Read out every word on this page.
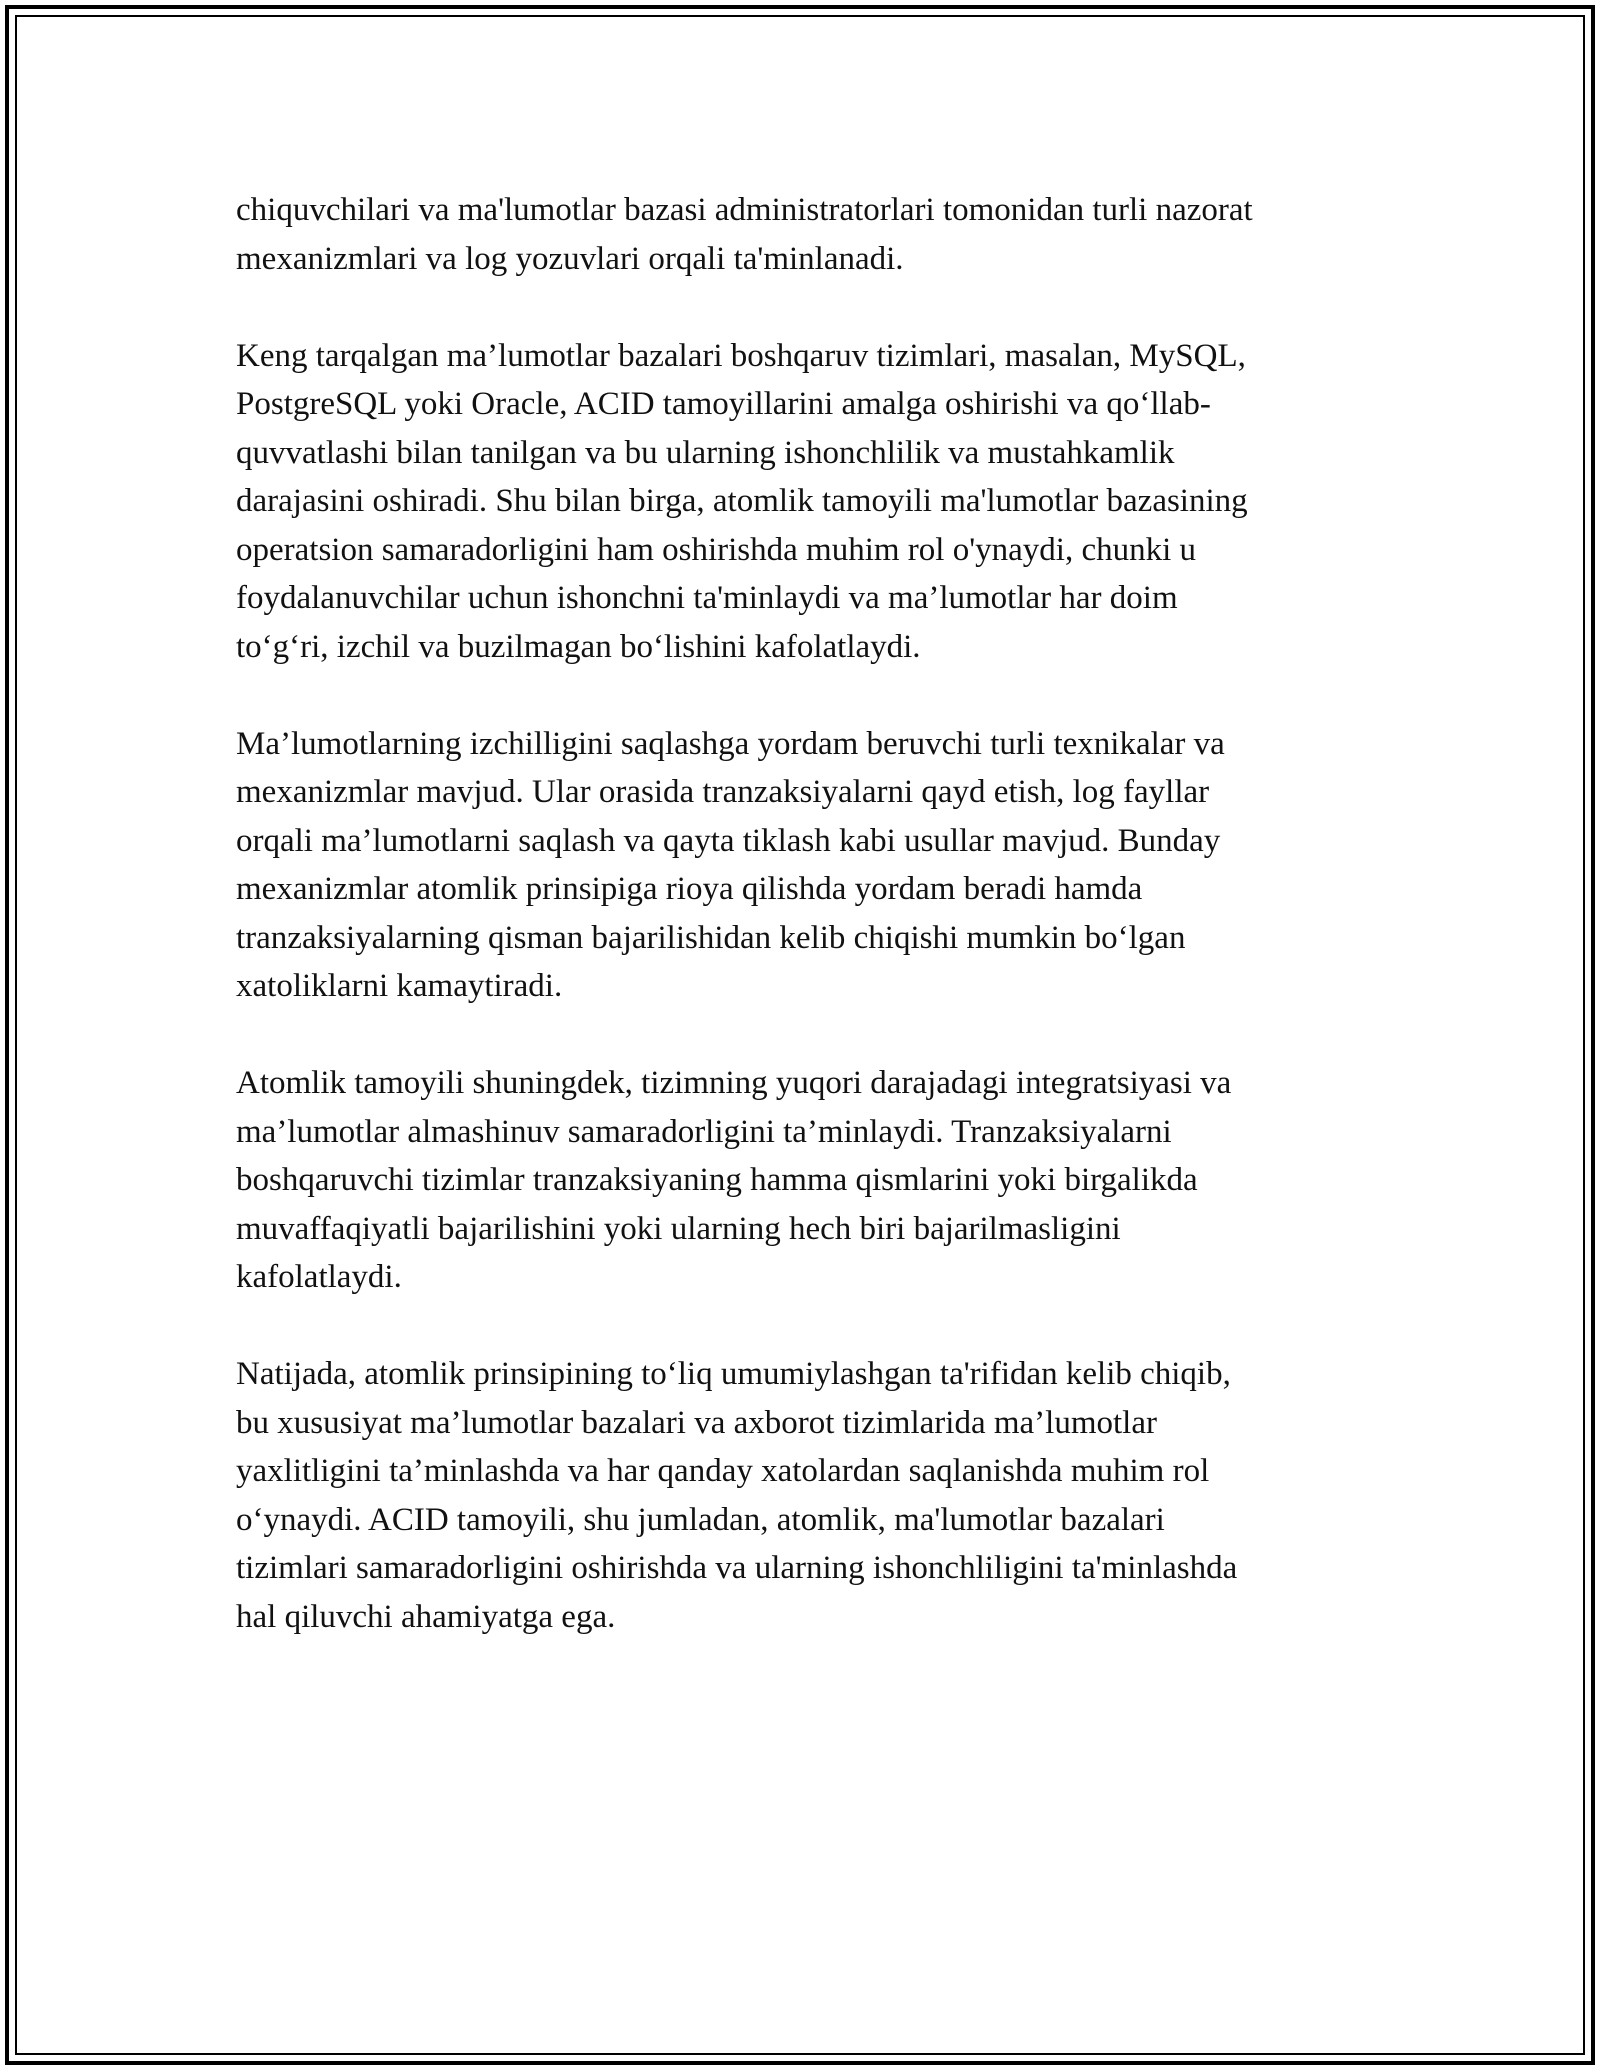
chiquvchilari va ma'lumotlar bazasi administratorlari tomonidan turli nazorat
mexanizmlari va log yozuvlari orqali ta'minlanadi.

Keng tarqalgan ma’lumotlar bazalari boshqaruv tizimlari, masalan, MySQL,
PostgreSQL yoki Oracle, ACID tamoyillarini amalga oshirishi va qo‘llab-
quvvatlashi bilan tanilgan va bu ularning ishonchlilik va mustahkamlik
darajasini oshiradi. Shu bilan birga, atomlik tamoyili ma'lumotlar bazasining
operatsion samaradorligini ham oshirishda muhim rol o'ynaydi, chunki u
foydalanuvchilar uchun ishonchni ta'minlaydi va ma’lumotlar har doim
to‘g‘ri, izchil va buzilmagan bo‘lishini kafolatlaydi.

Ma’lumotlarning izchilligini saqlashga yordam beruvchi turli texnikalar va
mexanizmlar mavjud. Ular orasida tranzaksiyalarni qayd etish, log fayllar
orqali ma’lumotlarni saqlash va qayta tiklash kabi usullar mavjud. Bunday
mexanizmlar atomlik prinsipiga rioya qilishda yordam beradi hamda
tranzaksiyalarning qisman bajarilishidan kelib chiqishi mumkin bo‘lgan
xatoliklarni kamaytiradi.

Atomlik tamoyili shuningdek, tizimning yuqori darajadagi integratsiyasi va
ma’lumotlar almashinuv samaradorligini ta’minlaydi. Tranzaksiyalarni
boshqaruvchi tizimlar tranzaksiyaning hamma qismlarini yoki birgalikda
muvaffaqiyatli bajarilishini yoki ularning hech biri bajarilmasligini
kafolatlaydi.

Natijada, atomlik prinsipining to‘liq umumiylashgan ta'rifidan kelib chiqib,
bu xususiyat ma’lumotlar bazalari va axborot tizimlarida ma’lumotlar
yaxlitligini ta’minlashda va har qanday xatolardan saqlanishda muhim rol
o‘ynaydi. ACID tamoyili, shu jumladan, atomlik, ma'lumotlar bazalari
tizimlari samaradorligini oshirishda va ularning ishonchliligini ta'minlashda
hal qiluvchi ahamiyatga ega.
